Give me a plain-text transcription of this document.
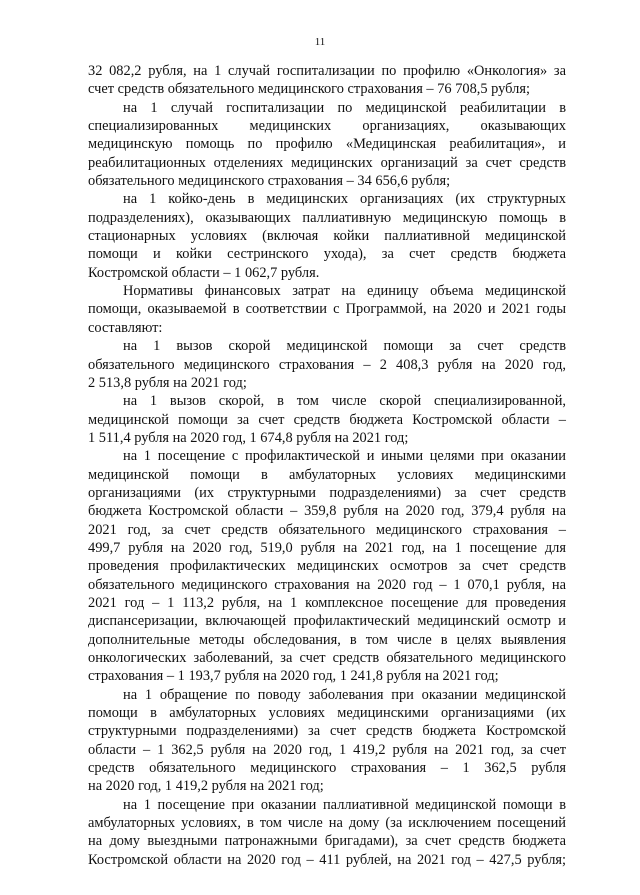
11
32 082,2 рубля, на 1 случай госпитализации по профилю «Онкология» за
счет средств обязательного медицинского страхования – 76 708,5 рубля;
на 1 случай госпитализации по медицинской реабилитации в
специализированных медицинских организациях, оказывающих
медицинскую помощь по профилю «Медицинская реабилитация», и
реабилитационных отделениях медицинских организаций за счет средств
обязательного медицинского страхования – 34 656,6 рубля;
на 1 койко-день в медицинских организациях (их структурных
подразделениях), оказывающих паллиативную медицинскую помощь в
стационарных условиях (включая койки паллиативной медицинской
помощи и койки сестринского ухода), за счет средств бюджета
Костромской области – 1 062,7 рубля.
Нормативы финансовых затрат на единицу объема медицинской
помощи, оказываемой в соответствии с Программой, на 2020 и 2021 годы
составляют:
на 1 вызов скорой медицинской помощи за счет средств
обязательного медицинского страхования – 2 408,3 рубля на 2020 год,
2 513,8 рубля на 2021 год;
на 1 вызов скорой, в том числе скорой специализированной,
медицинской помощи за счет средств бюджета Костромской области –
1 511,4 рубля на 2020 год, 1 674,8 рубля на 2021 год;
на 1 посещение с профилактической и иными целями при оказании
медицинской помощи в амбулаторных условиях медицинскими
организациями (их структурными подразделениями) за счет средств
бюджета Костромской области – 359,8 рубля на 2020 год, 379,4 рубля на
2021 год, за счет средств обязательного медицинского страхования –
499,7 рубля на 2020 год, 519,0 рубля на 2021 год, на 1 посещение для
проведения профилактических медицинских осмотров за счет средств
обязательного медицинского страхования на 2020 год – 1 070,1 рубля, на
2021 год – 1 113,2 рубля, на 1 комплексное посещение для проведения
диспансеризации, включающей профилактический медицинский осмотр и
дополнительные методы обследования, в том числе в целях выявления
онкологических заболеваний, за счет средств обязательного медицинского
страхования – 1 193,7 рубля на 2020 год, 1 241,8 рубля на 2021 год;
на 1 обращение по поводу заболевания при оказании медицинской
помощи в амбулаторных условиях медицинскими организациями (их
структурными подразделениями) за счет средств бюджета Костромской
области – 1 362,5 рубля на 2020 год, 1 419,2 рубля на 2021 год, за счет
средств обязательного медицинского страхования – 1 362,5 рубля
на 2020 год, 1 419,2 рубля на 2021 год;
на 1 посещение при оказании паллиативной медицинской помощи в
амбулаторных условиях, в том числе на дому (за исключением посещений
на дому выездными патронажными бригадами), за счет средств бюджета
Костромской области на 2020 год – 411 рублей, на 2021 год – 427,5 рубля;
